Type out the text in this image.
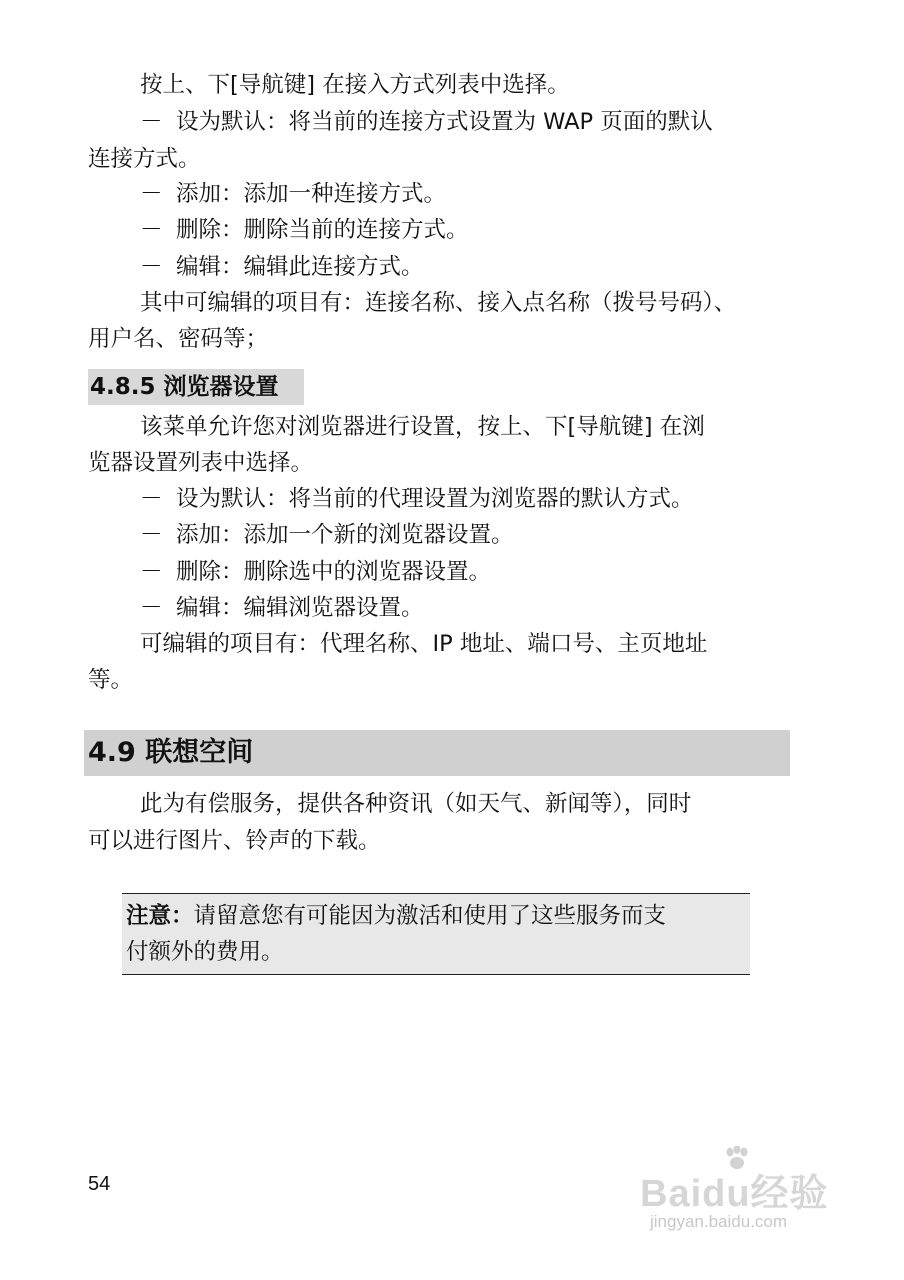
按上、下[导航键] 在接入方式列表中选择。
－ 设为默认：将当前的连接方式设置为 WAP 页面的默认
连接方式。
－ 添加：添加一种连接方式。
－ 删除：删除当前的连接方式。
－ 编辑：编辑此连接方式。
其中可编辑的项目有：连接名称、接入点名称（拨号号码）、
用户名、密码等；
4.8.5 浏览器设置
该菜单允许您对浏览器进行设置，按上、下[导航键] 在浏
览器设置列表中选择。
－ 设为默认：将当前的代理设置为浏览器的默认方式。
－ 添加：添加一个新的浏览器设置。
－ 删除：删除选中的浏览器设置。
－ 编辑：编辑浏览器设置。
可编辑的项目有：代理名称、IP 地址、端口号、主页地址
等。
4.9 联想空间
此为有偿服务，提供各种资讯（如天气、新闻等），同时
可以进行图片、铃声的下载。
注意：请留意您有可能因为激活和使用了这些服务而支
付额外的费用。
54	Baidu经验
jingyan.baidu.com
